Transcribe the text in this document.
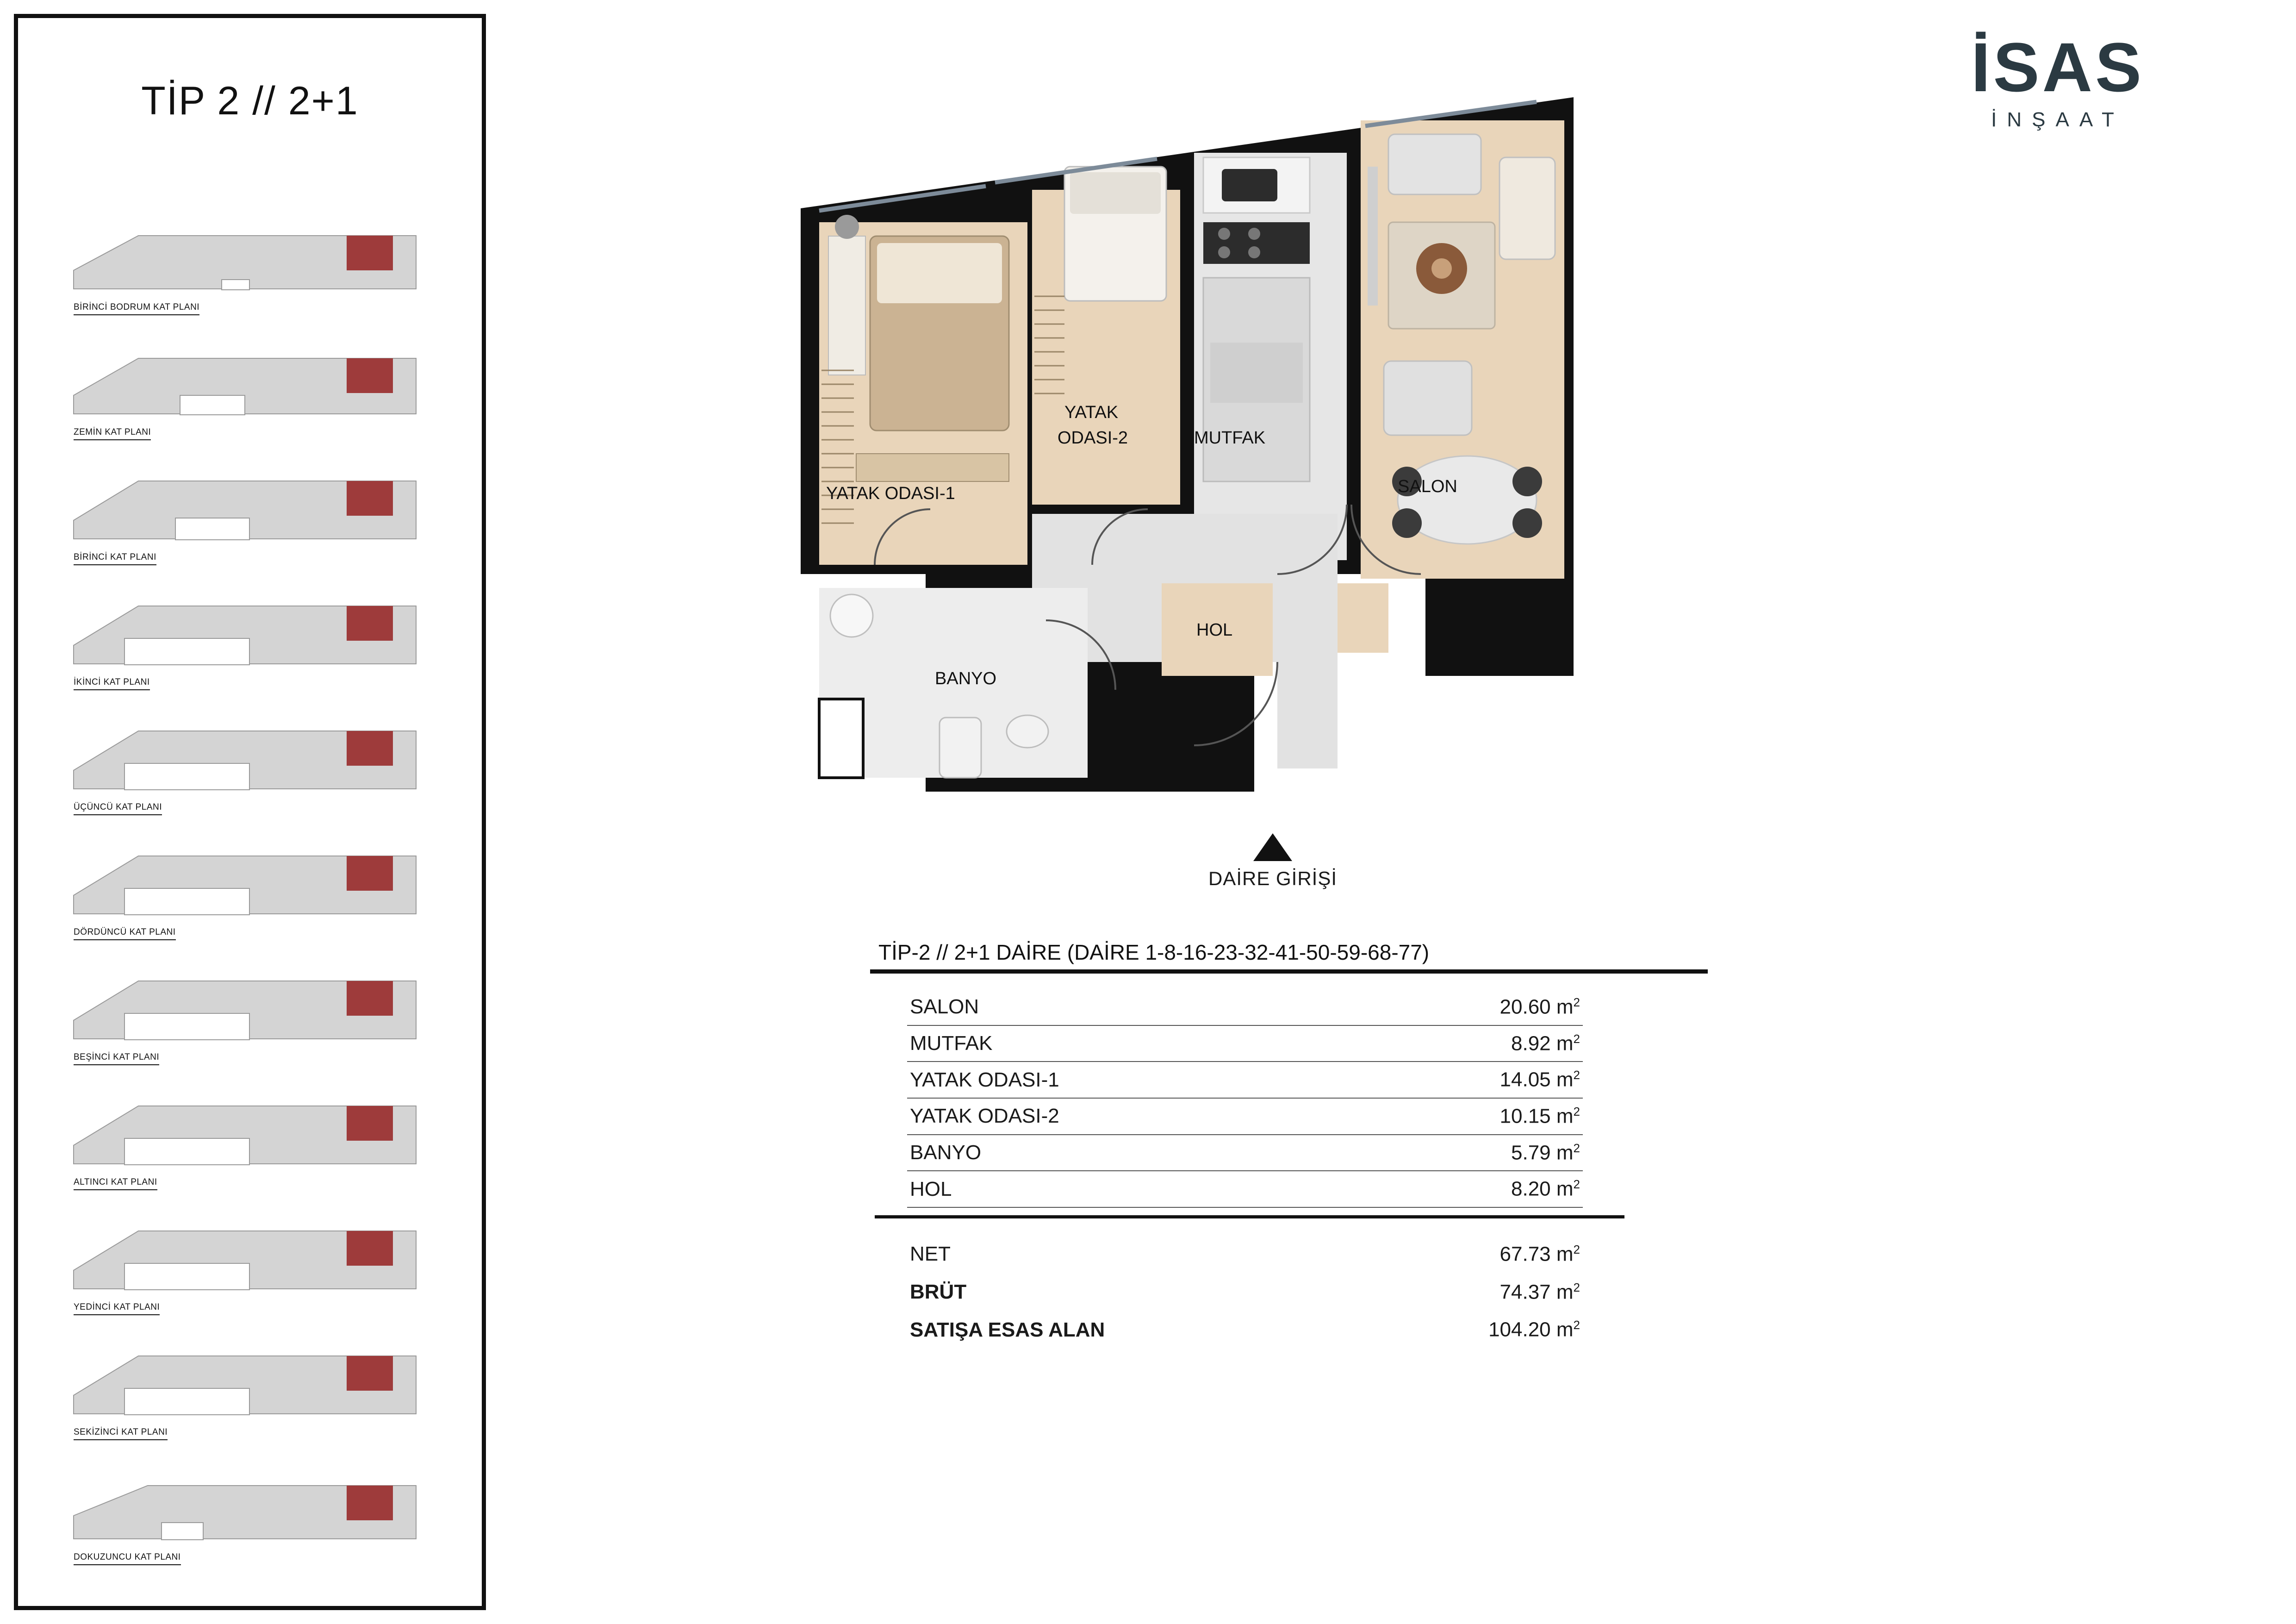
TİP 2 // 2+1
BİRİNCİ BODRUM KAT PLANI
ZEMİN KAT PLANI
BİRİNCİ KAT PLANI
İKİNCİ KAT PLANI
ÜÇÜNCÜ KAT PLANI
DÖRDÜNCÜ KAT PLANI
BEŞİNCİ KAT PLANI
ALTINCI KAT PLANI
YEDİNCİ KAT PLANI
SEKİZİNCİ KAT PLANI
DOKUZUNCU KAT PLANI
İSAS
İNŞAAT
YATAK ODASI-1
YATAK
ODASI-2	MUTFAK
SALON
HOL
BANYO
DAİRE GİRİŞİ
TİP-2 // 2+1 DAİRE (DAİRE 1-8-16-23-32-41-50-59-68-77)
SALON	20.60 $m^2$
MUTFAK	8.92 $m^2$
YATAK ODASI-1	14.05 $m^2$
YATAK ODASI-2	10.15 $m^2$
BANYO	5.79 $m^2$
HOL	8.20 $m^2$
NET	67.73 $m^2$
BRÜT	74.37 $m^2$
SATIŞA ESAS ALAN	104.20 $m^2$
